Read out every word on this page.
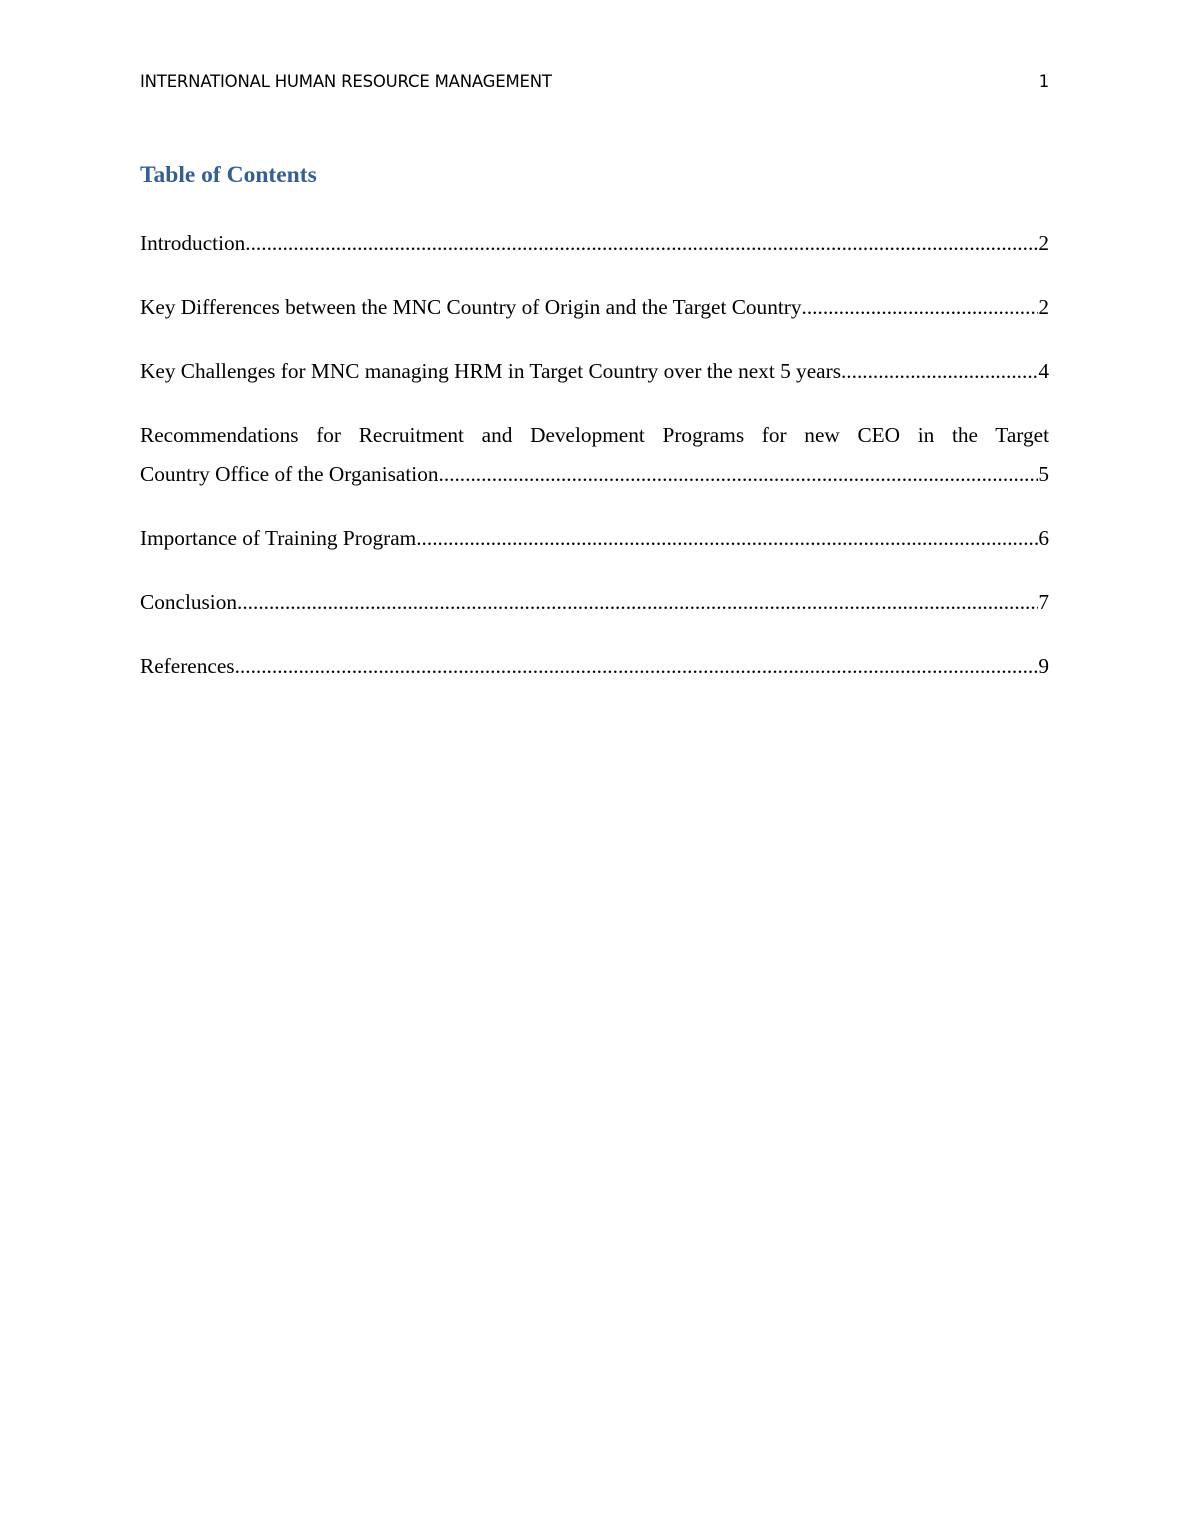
INTERNATIONAL HUMAN RESOURCE MANAGEMENT	1
Table of Contents
Introduction .....	2
Key Differences between the MNC Country of Origin and the Target Country .....	2
Key Challenges for MNC managing HRM in Target Country over the next 5 years .....	4
Recommendations for Recruitment and Development Programs for new CEO in the Target
Country Office of the Organisation .....	5
Importance of Training Program .....	6
Conclusion .....	7
References .....	9
